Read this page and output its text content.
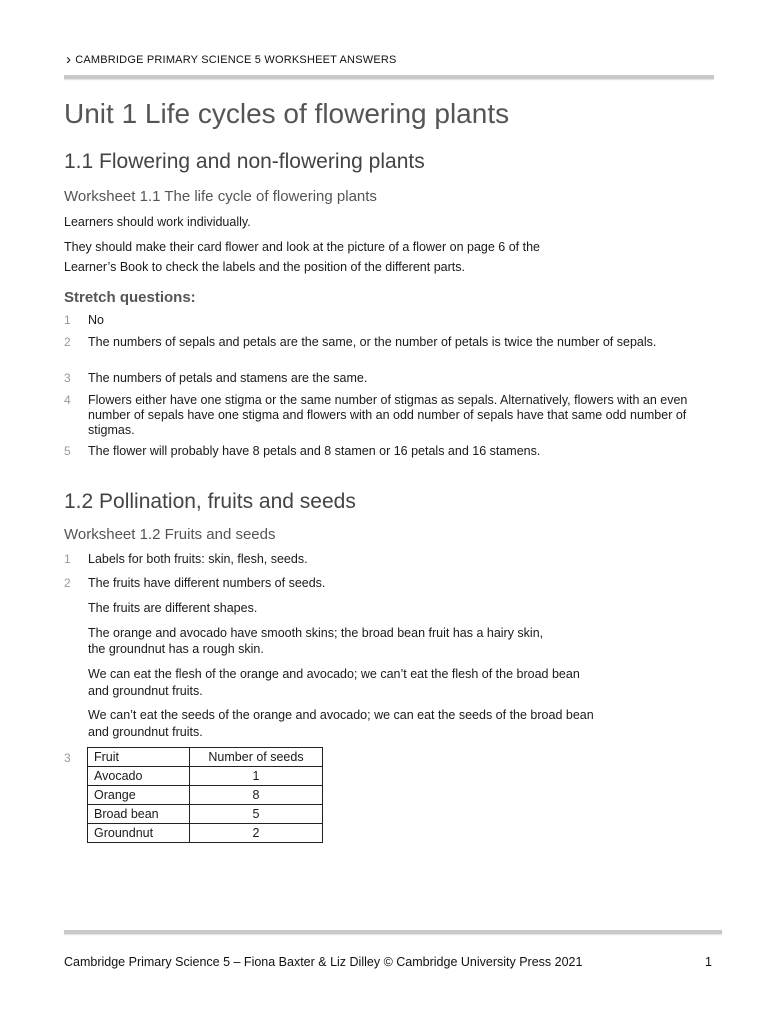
› CAMBRIDGE PRIMARY SCIENCE 5 WORKSHEET ANSWERS
Unit 1 Life cycles of flowering plants
1.1 Flowering and non-flowering plants
Worksheet 1.1 The life cycle of flowering plants

Learners should work individually.

They should make their card flower and look at the picture of a flower on page 6 of the

Learner’s Book to check the labels and the position of the different parts.

Stretch questions:
1	No
2	The numbers of sepals and petals are the same, or the number of petals is twice the number of sepals.
3	The numbers of petals and stamens are the same.
4	Flowers either have one stigma or the same number of stigmas as sepals. Alternatively, flowers with an even number of sepals have one stigma and flowers with an odd number of sepals have that same odd number of stigmas.
5	The flower will probably have 8 petals and 8 stamen or 16 petals and 16 stamens.
1.2 Pollination, fruits and seeds
Worksheet 1.2 Fruits and seeds
1	Labels for both fruits: skin, flesh, seeds.
2	The fruits have different numbers of seeds.

The fruits are different shapes.

The orange and avocado have smooth skins; the broad bean fruit has a hairy skin,

the groundnut has a rough skin.

We can eat the flesh of the orange and avocado; we can’t eat the flesh of the broad bean

and groundnut fruits.

We can’t eat the seeds of the orange and avocado; we can eat the seeds of the broad bean

and groundnut fruits.

3 Fruit	Number of seeds
Avocado	1
Orange	8
Broad bean	5
Groundnut	2
Cambridge Primary Science 5 – Fiona Baxter & Liz Dilley © Cambridge University Press 2021	1
